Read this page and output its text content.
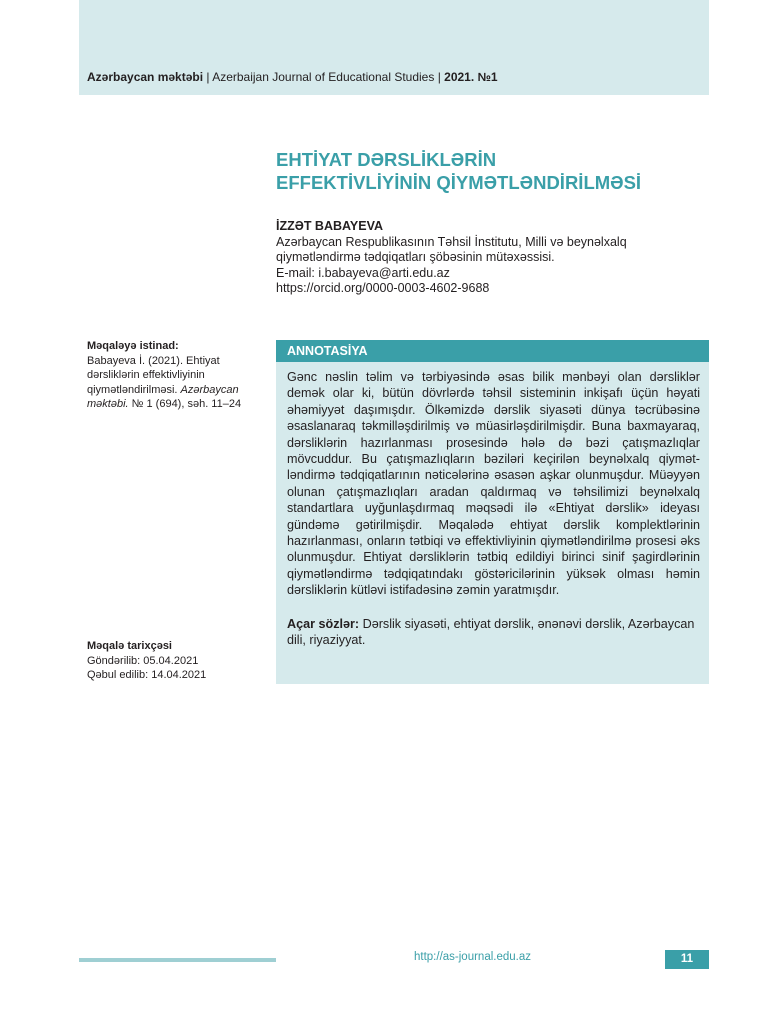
Azərbaycan məktəbi | Azerbaijan Journal of Educational Studies | 2021. №1
EHTİYAT DƏRSLİKLƏRİN
EFFEKTİVLİYİNİN QİYMƏTLƏNDİRİLMƏSİ
İZZƏT BABAYEVA
Azərbaycan Respublikasının Təhsil İnstitutu, Milli və beynəlxalq
qiymətləndirmə tədqiqatları şöbəsinin mütəxəssisi.
E-mail: i.babayeva@arti.edu.az
https://orcid.org/0000-0003-4602-9688
Məqaləyə istinad:
Babayeva İ. (2021). Ehtiyat dərsliklərin effektivliyinin qiymətləndirilməsi. Azərbaycan məktəbi. № 1 (694), səh. 11–24
Məqalə tarixçəsi
Göndərilib: 05.04.2021
Qəbul edilib: 14.04.2021
ANNOTASİYA

Gənc nəslin təlim və tərbiyəsində əsas bilik mənbəyi olan dərsliklər demək olar ki, bütün dövrlərdə təhsil sisteminin inkişafı üçün həyati əhəmiyyət daşımışdır. Ölkəmizdə dərslik siyasəti dünya təcrübəsinə əsaslanaraq təkmilləşdirilmiş və müasirləşdirilmişdir. Buna baxmayaraq, dərsliklərin hazırlanması prosesində hələ də bəzi çatışmazlıqlar mövcuddur. Bu çatışmazlıqların bəziləri keçirilən beynəlxalq qiymətləndirmə tədqiqatlarının nəticələrinə əsasən aşkar olunmuşdur. Müəyyən olunan çatışmazlıqları aradan qaldırmaq və təhsilimizi beynəlxalq standartlara uyğunlaşdırmaq məqsədi ilə «Ehtiyat dərslik» ideyası gündəmə gətirilmişdir. Məqalədə ehtiyat dərslik komplektlərinin hazırlanması, onların tətbiqi və effektivliyinin qiymətləndirilmə prosesi əks olunmuşdur. Ehtiyat dərsliklərin tətbiq edildiyi birinci sinif şagirdlərinin qiymətləndirmə tədqiqatındakı göstəricilərinin yüksək olması həmin dərsliklərin kütləvi istifadəsinə zəmin yaratmışdır.

Açar sözlər: Dərslik siyasəti, ehtiyat dərslik, ənənəvi dərslik, Azərbaycan dili, riyaziyyat.

http://as-journal.edu.az	11
